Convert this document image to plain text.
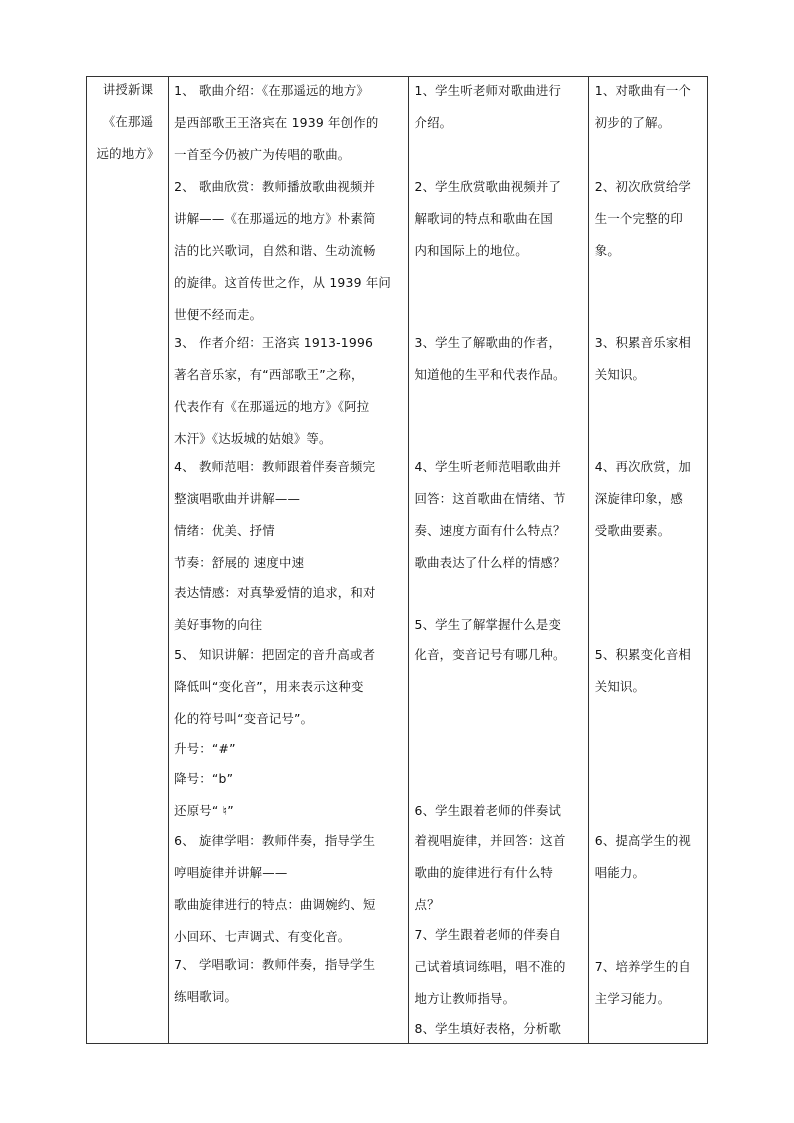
讲授新课
《在那遥
远的地方》

1、 歌曲介绍：《在那遥远的地方》
是西部歌王王洛宾在 1939 年创作的
一首至今仍被广为传唱的歌曲。
2、 歌曲欣赏：教师播放歌曲视频并
讲解——《在那遥远的地方》朴素简
洁的比兴歌词，自然和谐、生动流畅
的旋律。这首传世之作，从 1939 年问
世便不经而走。
3、 作者介绍：王洛宾 1913-1996
著名音乐家，有“西部歌王”之称，
代表作有《在那遥远的地方》《阿拉
木汗》《达坂城的姑娘》等。
4、 教师范唱：教师跟着伴奏音频完
整演唱歌曲并讲解——
情绪：优美、抒情
节奏：舒展的 速度中速
表达情感：对真挚爱情的追求，和对
美好事物的向往
5、 知识讲解：把固定的音升高或者
降低叫“变化音”，用来表示这种变
化的符号叫“变音记号”。
升号：“#”
降号：“b”
还原号“ ♮”
6、 旋律学唱：教师伴奏，指导学生
哼唱旋律并讲解——
歌曲旋律进行的特点：曲调婉约、短
小回环、七声调式、有变化音。
7、 学唱歌词：教师伴奏，指导学生
练唱歌词。

1、学生听老师对歌曲进行
介绍。
2、学生欣赏歌曲视频并了
解歌词的特点和歌曲在国
内和国际上的地位。
3、学生了解歌曲的作者，
知道他的生平和代表作品。
4、学生听老师范唱歌曲并
回答：这首歌曲在情绪、节
奏、速度方面有什么特点？
歌曲表达了什么样的情感？
5、学生了解掌握什么是变
化音，变音记号有哪几种。
6、学生跟着老师的伴奏试
着视唱旋律，并回答：这首
歌曲的旋律进行有什么特
点？
7、学生跟着老师的伴奏自
己试着填词练唱，唱不准的
地方让教师指导。
8、学生填好表格，分析歌

1、对歌曲有一个
初步的了解。
2、初次欣赏给学
生一个完整的印
象。
3、积累音乐家相
关知识。
4、再次欣赏，加
深旋律印象，感
受歌曲要素。
5、积累变化音相
关知识。
6、提高学生的视
唱能力。
7、培养学生的自
主学习能力。
